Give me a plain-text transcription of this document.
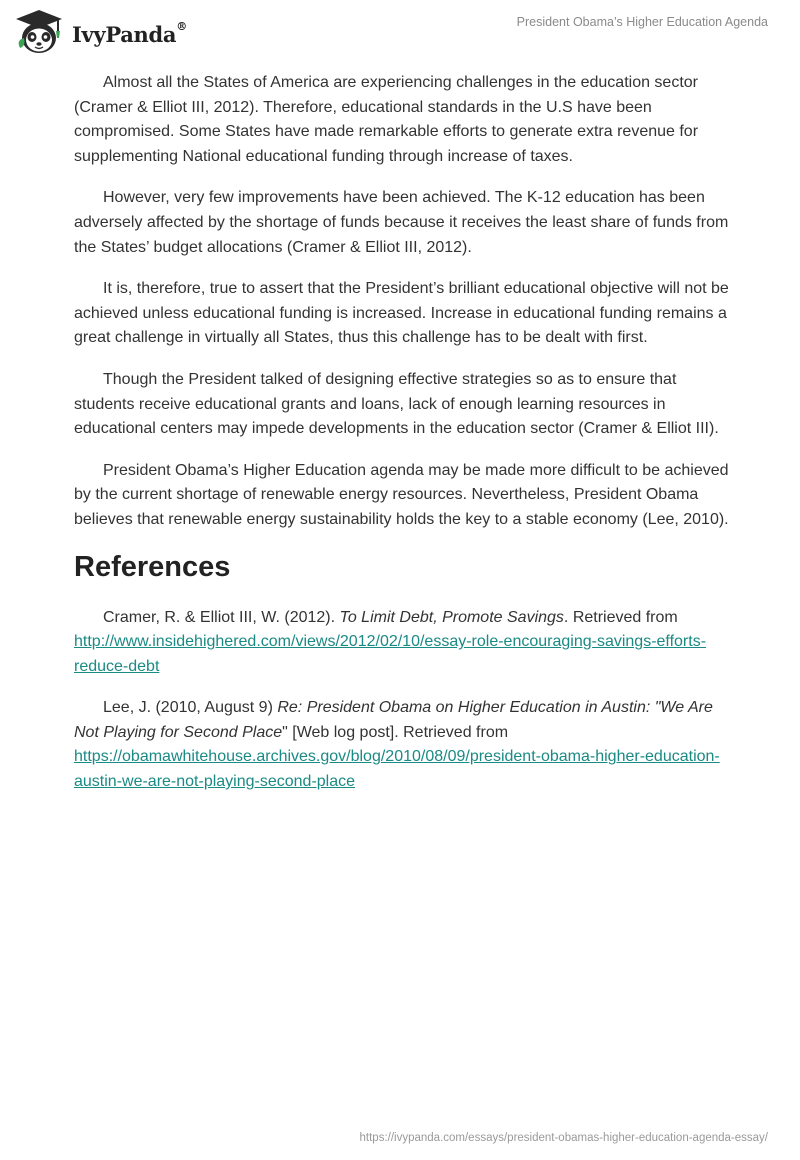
IvyPanda®	President Obama’s Higher Education Agenda

Almost all the States of America are experiencing challenges in the education sector (Cramer & Elliot III, 2012). Therefore, educational standards in the U.S have been compromised. Some States have made remarkable efforts to generate extra revenue for supplementing National educational funding through increase of taxes.

However, very few improvements have been achieved. The K-12 education has been adversely affected by the shortage of funds because it receives the least share of funds from the States’ budget allocations (Cramer & Elliot III, 2012).

It is, therefore, true to assert that the President’s brilliant educational objective will not be achieved unless educational funding is increased. Increase in educational funding remains a great challenge in virtually all States, thus this challenge has to be dealt with first.

Though the President talked of designing effective strategies so as to ensure that students receive educational grants and loans, lack of enough learning resources in educational centers may impede developments in the education sector (Cramer & Elliot III).

President Obama’s Higher Education agenda may be made more difficult to be achieved by the current shortage of renewable energy resources. Nevertheless, President Obama believes that renewable energy sustainability holds the key to a stable economy (Lee, 2010).

References

Cramer, R. & Elliot III, W. (2012). To Limit Debt, Promote Savings. Retrieved from http://www.insidehighered.com/views/2012/02/10/essay-role-encouraging-savings-efforts-reduce-debt

Lee, J. (2010, August 9) Re: President Obama on Higher Education in Austin: "We Are Not Playing for Second Place" [Web log post]. Retrieved from https://obamawhitehouse.archives.gov/blog/2010/08/09/president-obama-higher-education-austin-we-are-not-playing-second-place

https://ivypanda.com/essays/president-obamas-higher-education-agenda-essay/
